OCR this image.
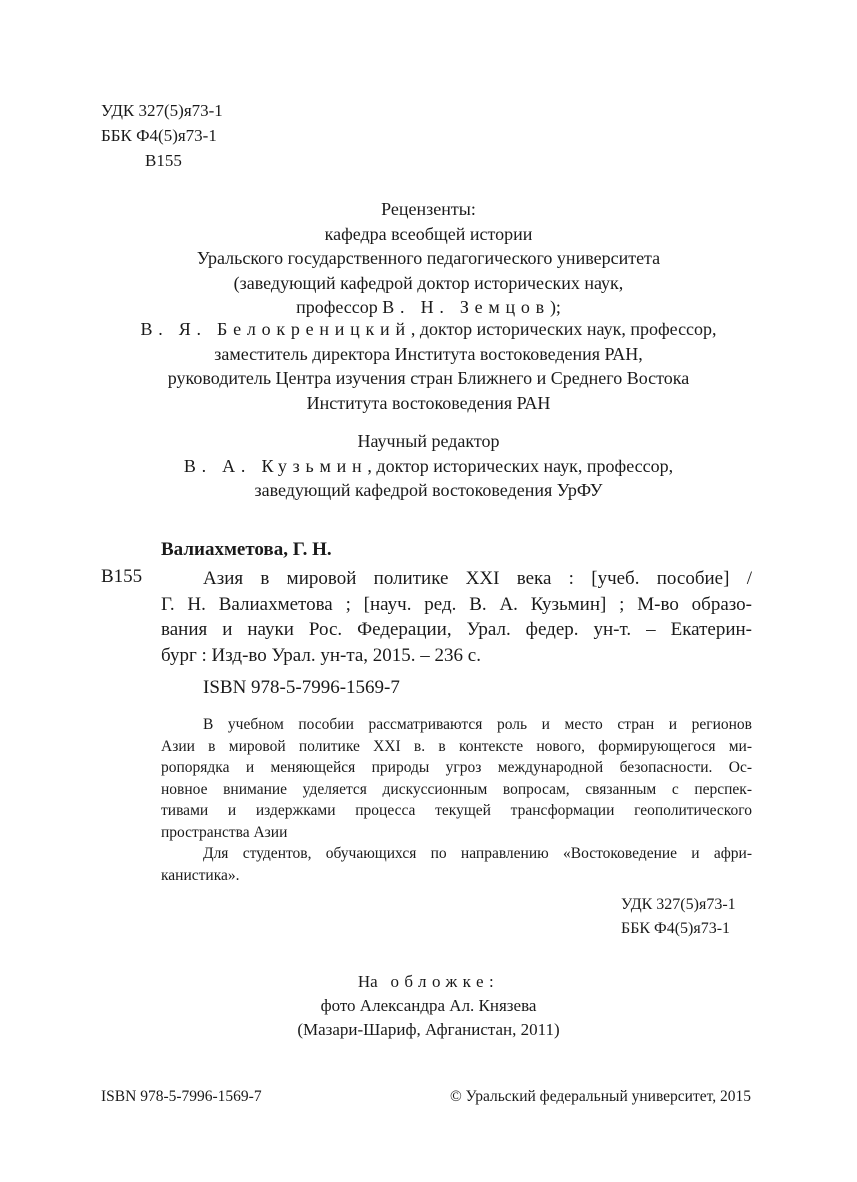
УДК 327(5)я73-1
ББК Ф4(5)я73-1
В155
Рецензенты:
кафедра всеобщей истории
Уральского государственного педагогического университета
(заведующий кафедрой доктор исторических наук,
профессор В. Н. Земцов);
В. Я. Белокреницкий, доктор исторических наук, профессор,
заместитель директора Института востоковедения РАН,
руководитель Центра изучения стран Ближнего и Среднего Востока
Института востоковедения РАН
Научный редактор
В. А. Кузьмин, доктор исторических наук, профессор,
заведующий кафедрой востоковедения УрФУ
Валиахметова, Г. Н.
В155	Азия в мировой политике XXI века : [учеб. пособие] /
Г. Н. Валиахметова ; [науч. ред. В. А. Кузьмин] ; М-во образо-
вания и науки Рос. Федерации, Урал. федер. ун-т. – Екатерин-
бург : Изд-во Урал. ун-та, 2015. – 236 с.
ISBN 978-5-7996-1569-7
В учебном пособии рассматриваются роль и место стран и регионов
Азии в мировой политике XXI в. в контексте нового, формирующегося ми-
ропорядка и меняющейся природы угроз международной безопасности. Ос-
новное внимание уделяется дискуссионным вопросам, связанным с перспек-
тивами и издержками процесса текущей трансформации геополитического
пространства Азии
Для студентов, обучающихся по направлению «Востоковедение и афри-
канистика».
УДК 327(5)я73-1
ББК Ф4(5)я73-1
На обложке:
фото Александра Ал. Князева
(Мазари-Шариф, Афганистан, 2011)
ISBN 978-5-7996-1569-7	© Уральский федеральный университет, 2015
